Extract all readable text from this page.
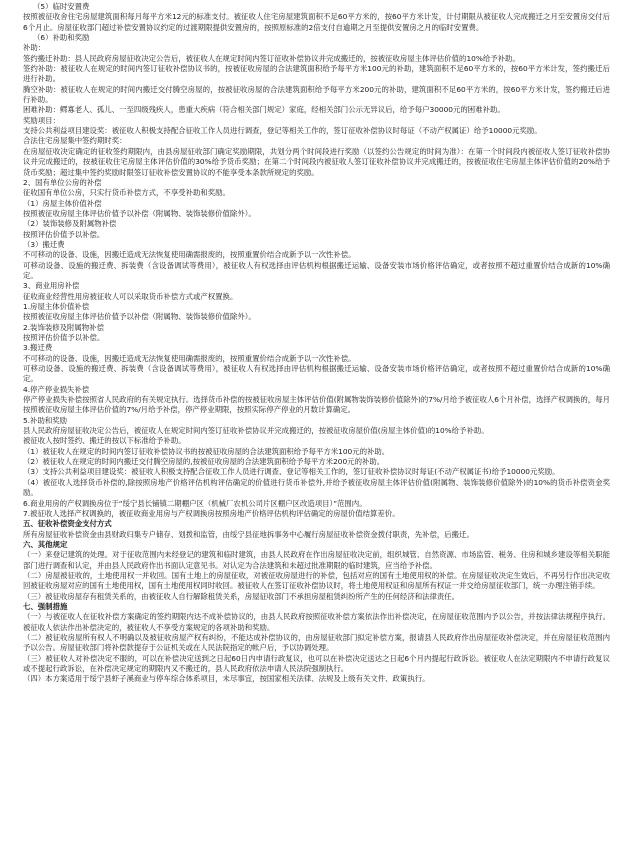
（5）临时安置费
按照被征收舍住宅房屋建筑面积每月每平方米12元的标准支付。被征收人住宅房屋建筑面积不足60平方米的，按60平方米计发，计付期限从被征收人完成搬迁之月至安置房交付后6个月止。房屋征收部门超过补偿安置协议约定的过渡期限提供安置房的，按照原标准的2倍支付自逾期之月至提供安置房之月的临时安置费。
（6）补助和奖励
补助：
签约搬迁补助：县人民政府房屋征收决定公告后，被征收人在规定时间内签订征收补偿协议并完成搬迁的，按被征收房屋主体评估价值的10%给予补助。
签约补助：被征收人在规定的时间内签订征收补偿协议书的，按被征收房屋的合法建筑面积给予每平方米100元的补助，建筑面积不足60平方米的，按60平方米计发，签约搬迁后进行补助。
腾空补助：被征收人在规定的时间内搬迁交付腾空房屋的，按被征收房屋的合法建筑面积给予每平方米200元的补助，建筑面积不足60平方米的，按60平方米计发，签约搬迁后进行补助。
困难补助：鳏寡老人、孤儿、一至四级残疾人，患重大疾病（符合相关部门规定）家庭，经相关部门公示无异议后，给予每户30000元的困难补助。
奖励项目：
支持公共利益项目建设奖：被征收人积极支持配合征收工作人员进行调查，登记等相关工作的，签订征收补偿协议时每证（不动产权属证）给予10000元奖励。
合法住宅房屋集中签约期时奖：
在房屋征收决定确定的征收签约期限内，由县房屋征收部门确定奖励期限，共划分两个时间段进行奖励（以签约公告规定的时间为准）：在第一个时间段内被征收人签订征收补偿协议并完成搬迁的，按被征收住宅房屋主体评估价值的30%给予货币奖励；在第二个时间段内被征收人签订征收补偿协议并完成搬迁的，按被征收住宅房屋主体评估价值的20%给予货币奖励；超过集中签约奖励时限签订征收补偿安置协议的不能享受本条款所规定的奖励。
2、国有单位公房的补偿
征收国有单位公房，只实行货币补偿方式，不享受补助和奖励。
（1）房屋主体价值补偿
按照被征收房屋主体评估价值予以补偿（附属物、装饰装修价值除外）。
（2）装饰装修及附属物补偿
按照评估价值予以补偿。
（3）搬迁费
不可移动的设备、设施，因搬迁造成无法恢复使用确需报废的，按照重置价结合成新予以一次性补偿。
可移动设备、设施的搬迁费、拆装费（含设备调试等费用），被征收人有权选择由评估机构根据搬迁运输、设备安装市场价格评估确定，或者按照不超过重置价结合成新的10%确定。
3、商业用房补偿
征收商业经营性用房被征收人可以采取货币补偿方式或产权置换。
1.房屋主体价值补偿
按照被征收房屋主体评估价值予以补偿（附属物、装饰装修价值除外）。
2.装饰装修及附属物补偿
按照评估价值予以补偿。
3.搬迁费
不可移动的设备、设施，因搬迁造成无法恢复使用确需报废的，按照重置价结合成新予以一次性补偿。
可移动设备、设施的搬迁费、拆装费（含设备调试等费用），被征收人有权选择由评估机构根据搬迁运输、设备安装市场价格评估确定，或者按照不超过重置价结合成新的10%确定。
4.停产停业损失补偿
停产停业损失补偿按照省人民政府的有关规定执行。选择货币补偿的按被征收房屋主体评估价值(附属物装饰装修价值除外)的7%/月给予被征收人6个月补偿，选择产权调换的，每月按照被征收房屋主体评估价值的7%/月给予补偿，停产停业期限，按照实际停产停业的月数计算确定。
5.补助和奖励
县人民政府房屋征收决定公告后，被征收人在规定时间内签订征收补偿协议并完成搬迁的，按被征收房屋价值(房屋主体价值)的10%给予补助。
被征收人按时签约、搬迁的按以下标准给予补助。
（1）被征收人在规定的时间内签订征收补偿协议书的按被征收房屋的合法建筑面积给予每平方米100元的补助。
（2）被征收人在规定的时间内搬迁交付腾空房屋的,按被征收房屋的合法建筑面积给予每平方米200元的补助。
（3）支持公共利益项目建设奖：被征收人积极支持配合征收工作人员进行调查、登记等相关工作的，签订征收补偿协议时每证(不动产权属证书)给予10000元奖励。
（4）被征收人选择货币补偿的,除按照房地产价格评估机构评估确定的价值进行货币补偿外,并给予被征收房屋主体评估价值(附属物、装饰装修价值除外)的10%的货币补偿资金奖励。
6.商业用房的产权调换房位于“绥宁县长铺镇二期棚户区（机械厂农机公司片区棚户区改造项目）”范围内。
7.被征收人选择产权调换的，被征收商业用房与产权调换房按照房地产价格评估机构评估确定的房屋价值结算差价。
五、征收补偿资金支付方式
所有房屋征收补偿资金由县财政归集专户储存、划拨和监管，由绥宁县征地拆事务中心履行房屋征收补偿资金拨付职责，先补偿，后搬迁。
六、其他规定
（一）来登记建筑的处理。对于征收范围内未经登记的建筑和临时建筑，由县人民政府在作出房屋征收决定前，组织城管、自然资源、市场监管、税务、住房和城乡建设等相关职能部门进行调查和认定，并由县人民政府作出书面认定意见书。对认定为合法建筑和未超过批准期限的临时建筑，应当给予补偿。
（二）房屋被征收的，土地使用权一并收回。国有土地上的房屋征收，对被征收房屋进行的补偿，包括对应的国有土地使用权的补偿。在房屋征收决定生效后，不再另行作出决定收回被征收房屋对应的国有土地使用权，国有土地使用权同时收回。被征收人在签订征收补偿协议时，将土地使用权证和房屋所有权证一并交给房屋征收部门，统一办理注销手续。
（三）被征收房屋存有租赁关系的，由被征收人自行解除租赁关系，房屋征收部门不承担房屋租赁纠纷所产生的任何经济和法律责任。
七、强制措施
（一）与被征收人在征收补偿方案确定的签约期限内达不成补偿协议的，由县人民政府按照征收补偿方案依法作出补偿决定，在房屋征收范围内予以公告，并按法律法规程序执行。被征收人依法作出补偿决定的，被征收人不享受方案规定的各项补助和奖励。
（二）被征收房屋所有权人不明确以及被征收房屋产权有纠纷，不能达成补偿协议的，由房屋征收部门拟定补偿方案，报请县人民政府作出房屋征收补偿决定，并在房屋征收范围内予以公告。房屋征收部门将补偿款提存于公证机关或在人民法院指定的帐户后，予以协调处理。
（三）被征收人对补偿决定不服的，可以在补偿决定送到之日起60日内申请行政复议，也可以在补偿决定送达之日起6个月内提起行政诉讼。被征收人在法定期限内不申请行政复议或不提起行政诉讼，在补偿决定规定的期限内又不搬迁的，县人民政府依法申请人民法院强制执行。
（四）本方案适用于绥宁县虾子溪商业与停车综合体系项目，未尽事宜，按国家相关法律、法规及上级有关文件、政策执行。
